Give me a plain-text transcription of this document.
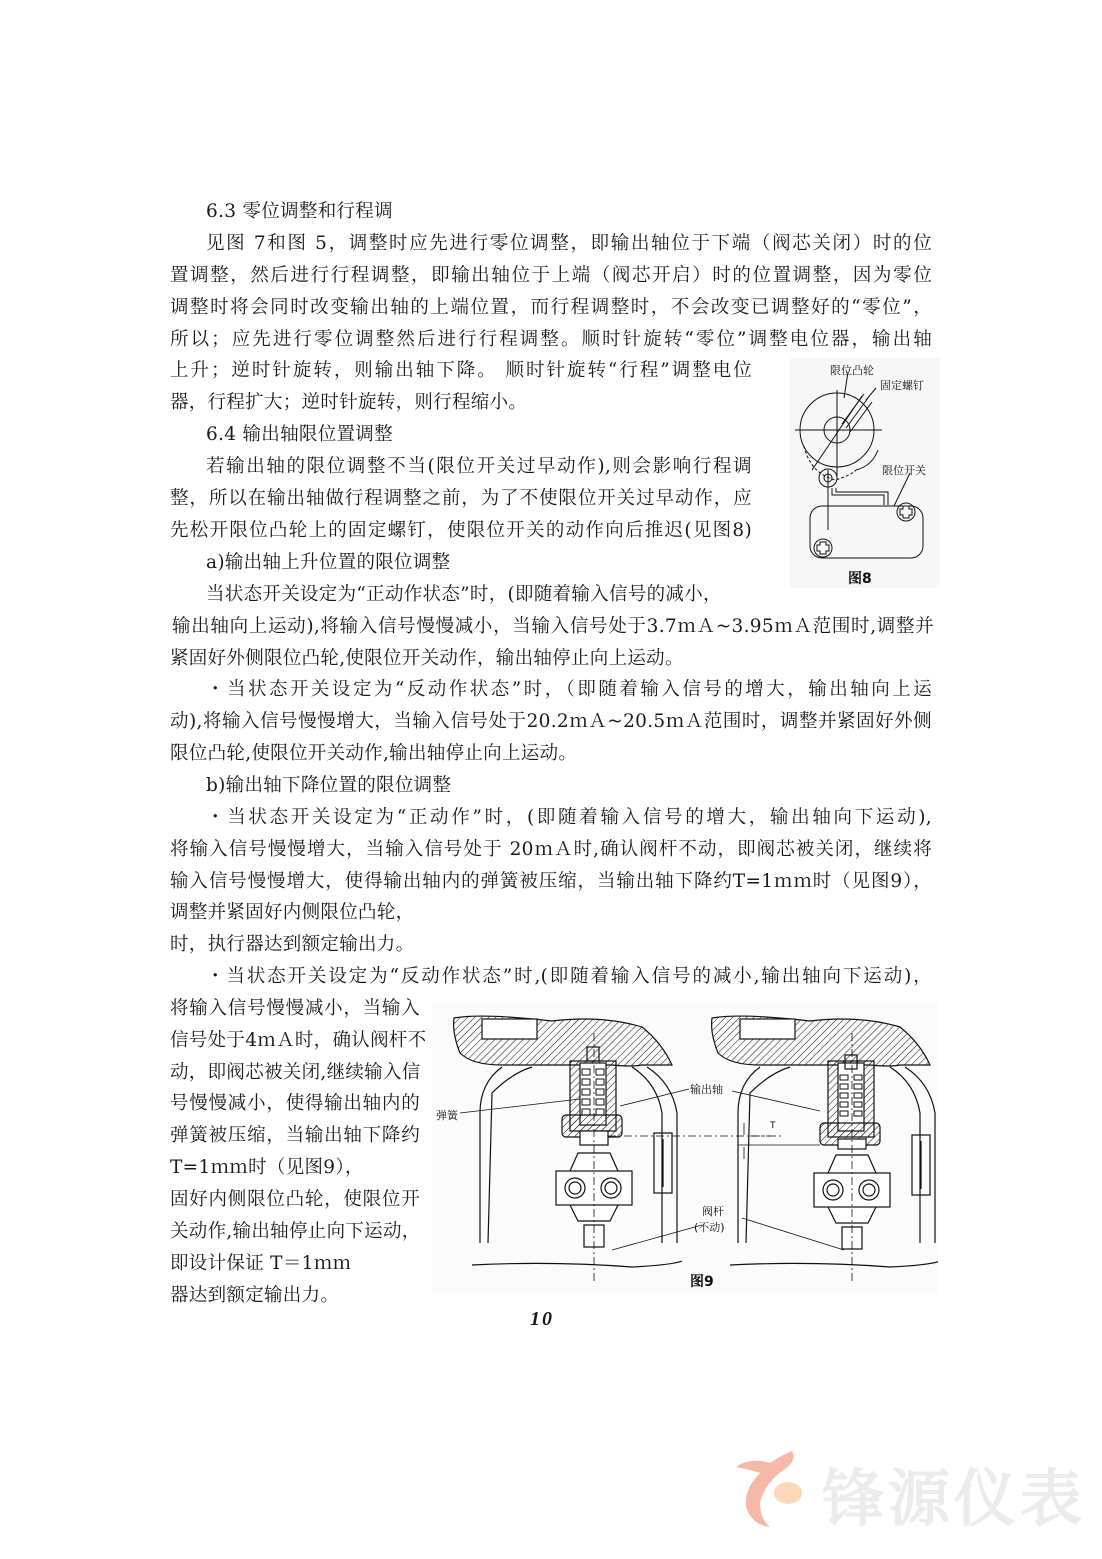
6.3 零位调整和行程调
见图 7和图 5，调整时应先进行零位调整，即输出轴位于下端（阀芯关闭）时的位
置调整，然后进行行程调整，即输出轴位于上端（阀芯开启）时的位置调整，因为零位
调整时将会同时改变输出轴的上端位置，而行程调整时，不会改变已调整好的“零位”，
所以；应先进行零位调整然后进行行程调整。顺时针旋转“零位”调整电位器，输出轴
上升；逆时针旋转，则输出轴下降。 顺时针旋转“行程”调整电位
器，行程扩大；逆时针旋转，则行程缩小。
6.4 输出轴限位置调整
若输出轴的限位调整不当(限位开关过早动作),则会影响行程调
整，所以在输出轴做行程调整之前，为了不使限位开关过早动作，应
先松开限位凸轮上的固定螺钉，使限位开关的动作向后推迟(见图8)
a)输出轴上升位置的限位调整
当状态开关设定为“正动作状态”时，(即随着输入信号的减小，
输出轴向上运动),将输入信号慢慢减小，当输入信号处于3.7ｍＡ~3.95ｍＡ范围时,调整并
紧固好外侧限位凸轮,使限位开关动作，输出轴停止向上运动。
・当状态开关设定为“反动作状态”时，（即随着输入信号的增大，输出轴向上运
动),将输入信号慢慢增大，当输入信号处于20.2ｍＡ~20.5ｍＡ范围时，调整并紧固好外侧
限位凸轮,使限位开关动作,输出轴停止向上运动。
b)输出轴下降位置的限位调整
・当状态开关设定为“正动作”时，(即随着输入信号的增大，输出轴向下运动),
将输入信号慢慢增大，当输入信号处于 20ｍＡ时,确认阀杆不动，即阀芯被关闭，继续将
输入信号慢慢增大，使得输出轴内的弹簧被压缩，当输出轴下降约T=1ｍｍ时（见图9），
调整并紧固好内侧限位凸轮，
时，执行器达到额定输出力。
・当状态开关设定为“反动作状态”时,(即随着输入信号的减小,输出轴向下运动)，
将输入信号慢慢减小，当输入
信号处于4ｍＡ时，确认阀杆不
动，即阀芯被关闭,继续输入信
号慢慢减小，使得输出轴内的
弹簧被压缩，当输出轴下降约
T=1ｍｍ时（见图9），
固好内侧限位凸轮，使限位开
关动作,输出轴停止向下运动，
即设计保证 T＝1ｍｍ
器达到额定输出力。
限位凸轮
固定螺钉
限位开关
图8
弹簧
输出轴
阀杆
(不动)
T
图9
10
锋源仪表
